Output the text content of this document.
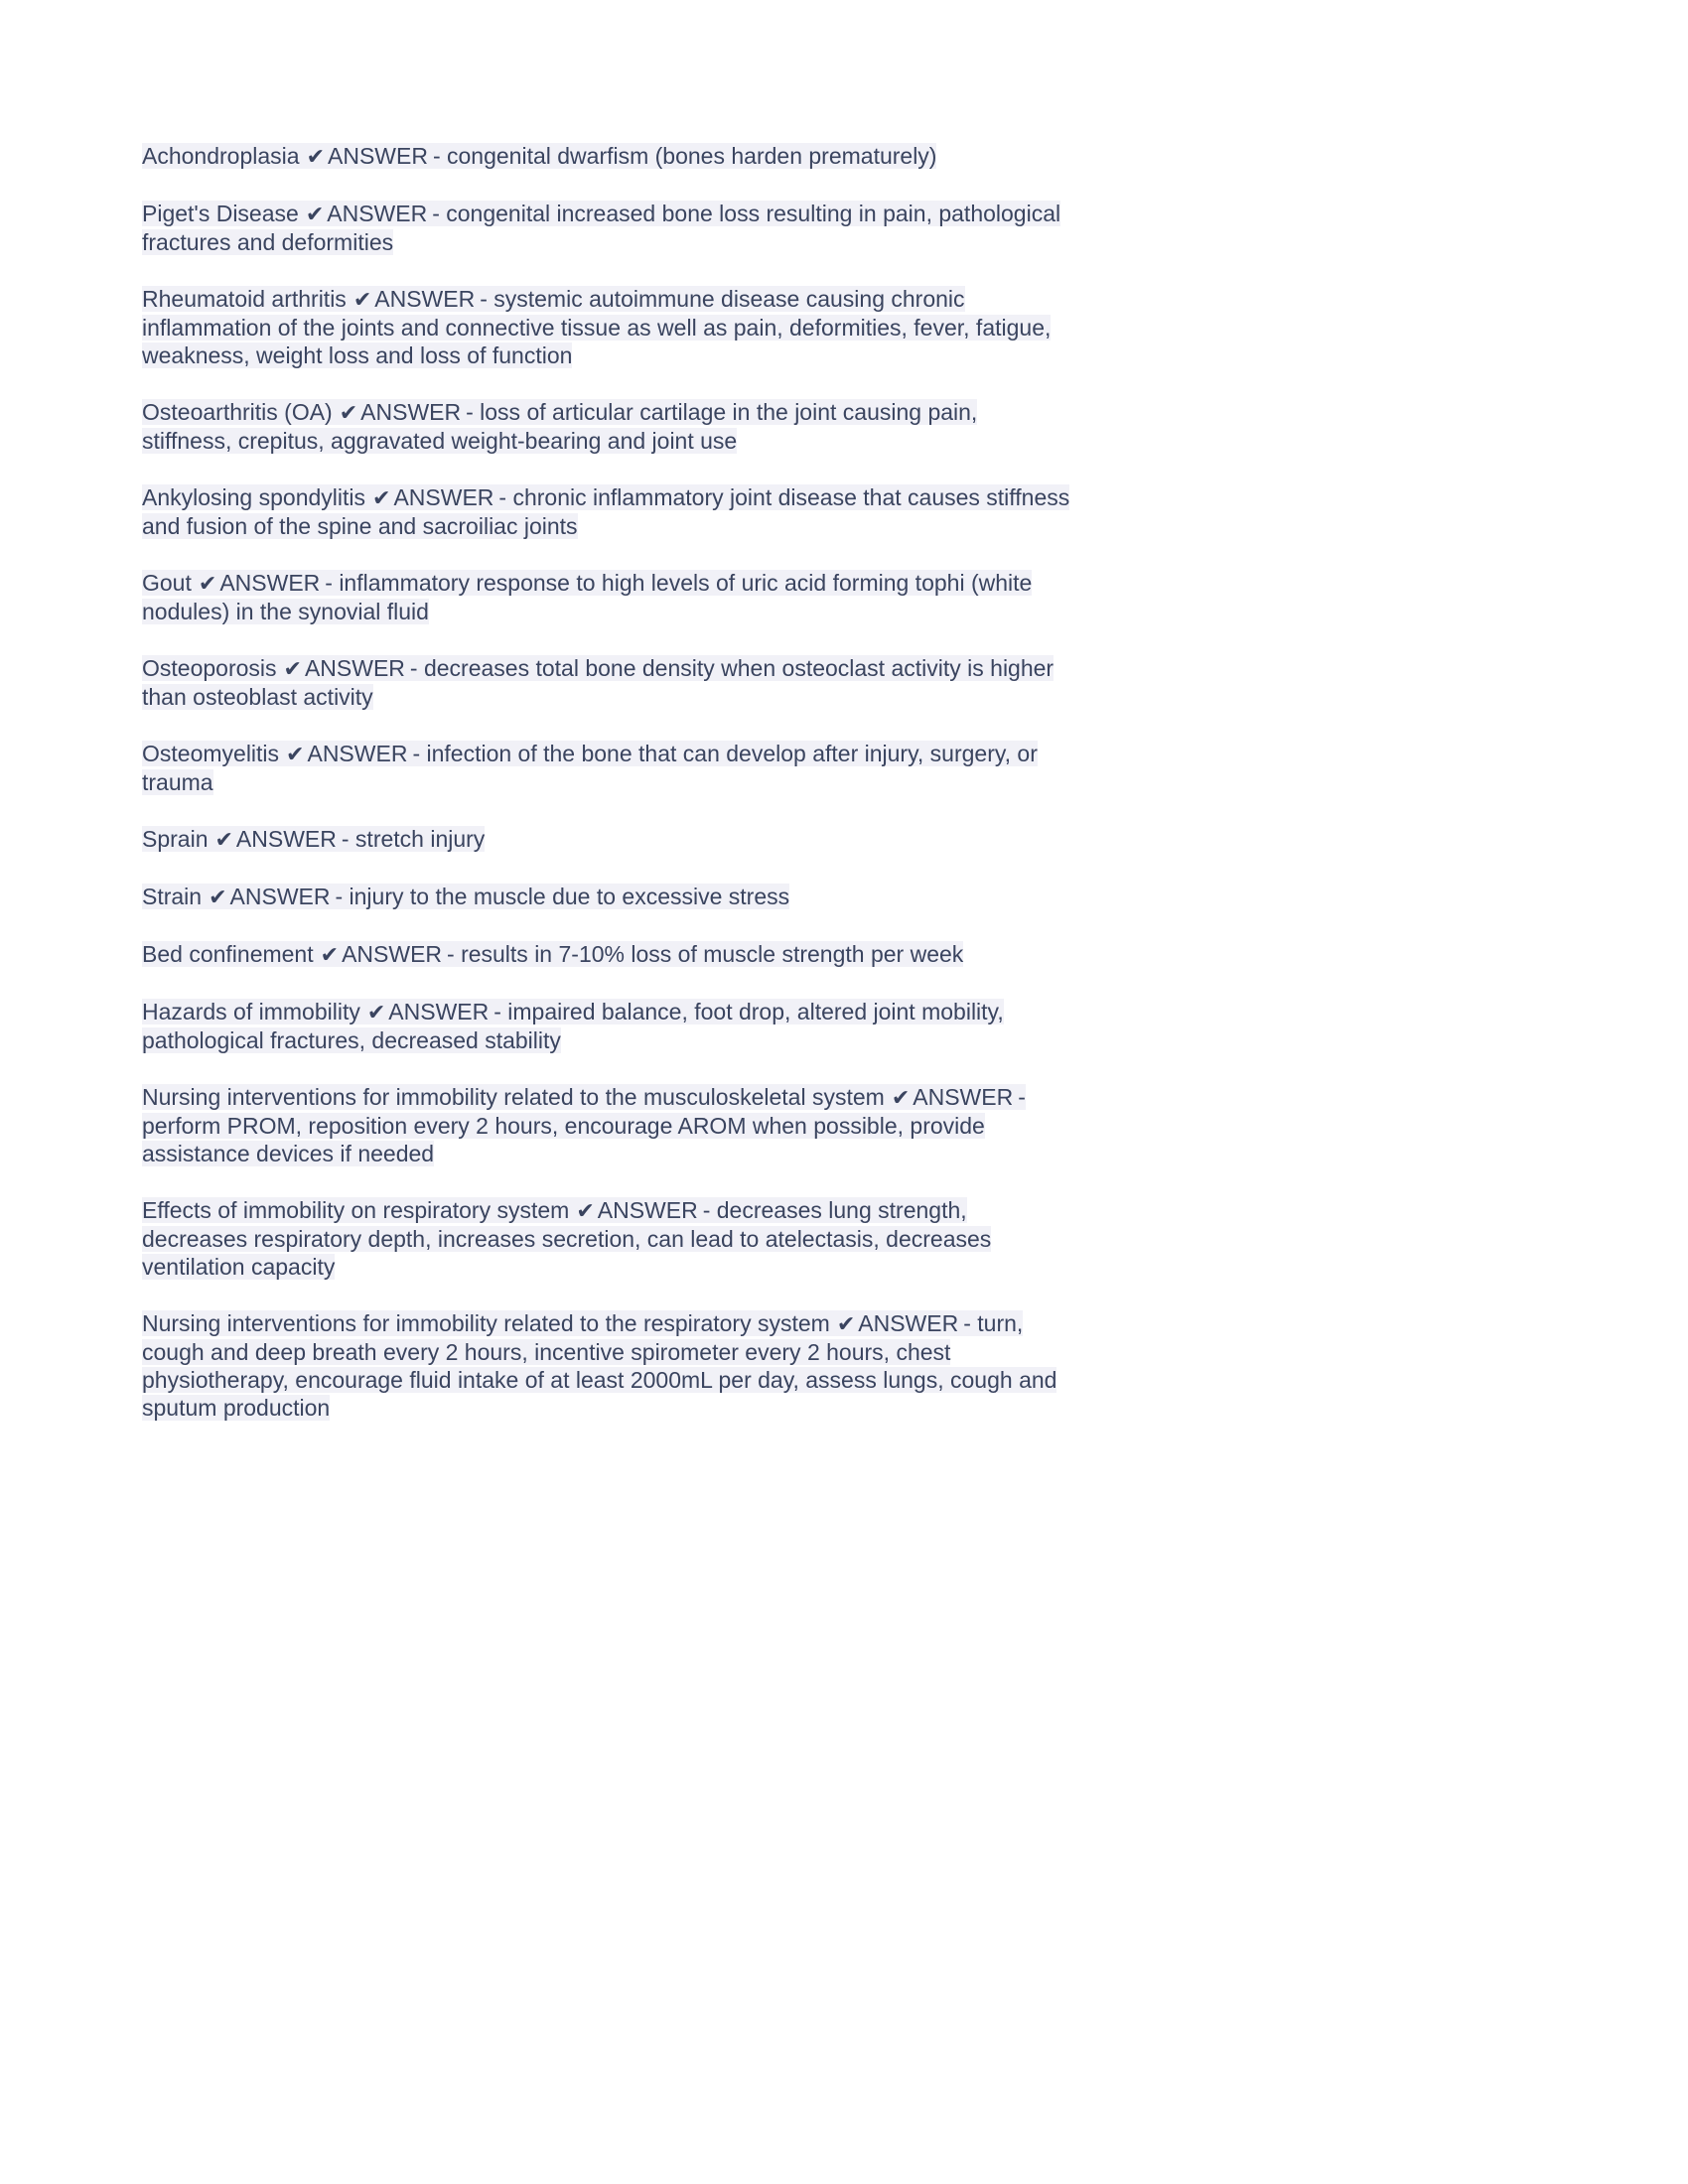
Achondroplasia ✔ ANSWER - congenital dwarfism (bones harden prematurely)

Piget's Disease ✔ ANSWER - congenital increased bone loss resulting in pain, pathological fractures and deformities

Rheumatoid arthritis ✔ ANSWER - systemic autoimmune disease causing chronic inflammation of the joints and connective tissue as well as pain, deformities, fever, fatigue, weakness, weight loss and loss of function

Osteoarthritis (OA) ✔ ANSWER - loss of articular cartilage in the joint causing pain, stiffness, crepitus, aggravated weight-bearing and joint use

Ankylosing spondylitis ✔ ANSWER - chronic inflammatory joint disease that causes stiffness and fusion of the spine and sacroiliac joints

Gout ✔ ANSWER - inflammatory response to high levels of uric acid forming tophi (white nodules) in the synovial fluid

Osteoporosis ✔ ANSWER - decreases total bone density when osteoclast activity is higher than osteoblast activity

Osteomyelitis ✔ ANSWER - infection of the bone that can develop after injury, surgery, or trauma

Sprain ✔ ANSWER - stretch injury

Strain ✔ ANSWER - injury to the muscle due to excessive stress

Bed confinement ✔ ANSWER - results in 7-10% loss of muscle strength per week

Hazards of immobility ✔ ANSWER - impaired balance, foot drop, altered joint mobility, pathological fractures, decreased stability

Nursing interventions for immobility related to the musculoskeletal system ✔ ANSWER - perform PROM, reposition every 2 hours, encourage AROM when possible, provide assistance devices if needed

Effects of immobility on respiratory system ✔ ANSWER - decreases lung strength, decreases respiratory depth, increases secretion, can lead to atelectasis, decreases ventilation capacity

Nursing interventions for immobility related to the respiratory system ✔ ANSWER - turn, cough and deep breath every 2 hours, incentive spirometer every 2 hours, chest physiotherapy, encourage fluid intake of at least 2000mL per day, assess lungs, cough and sputum production
